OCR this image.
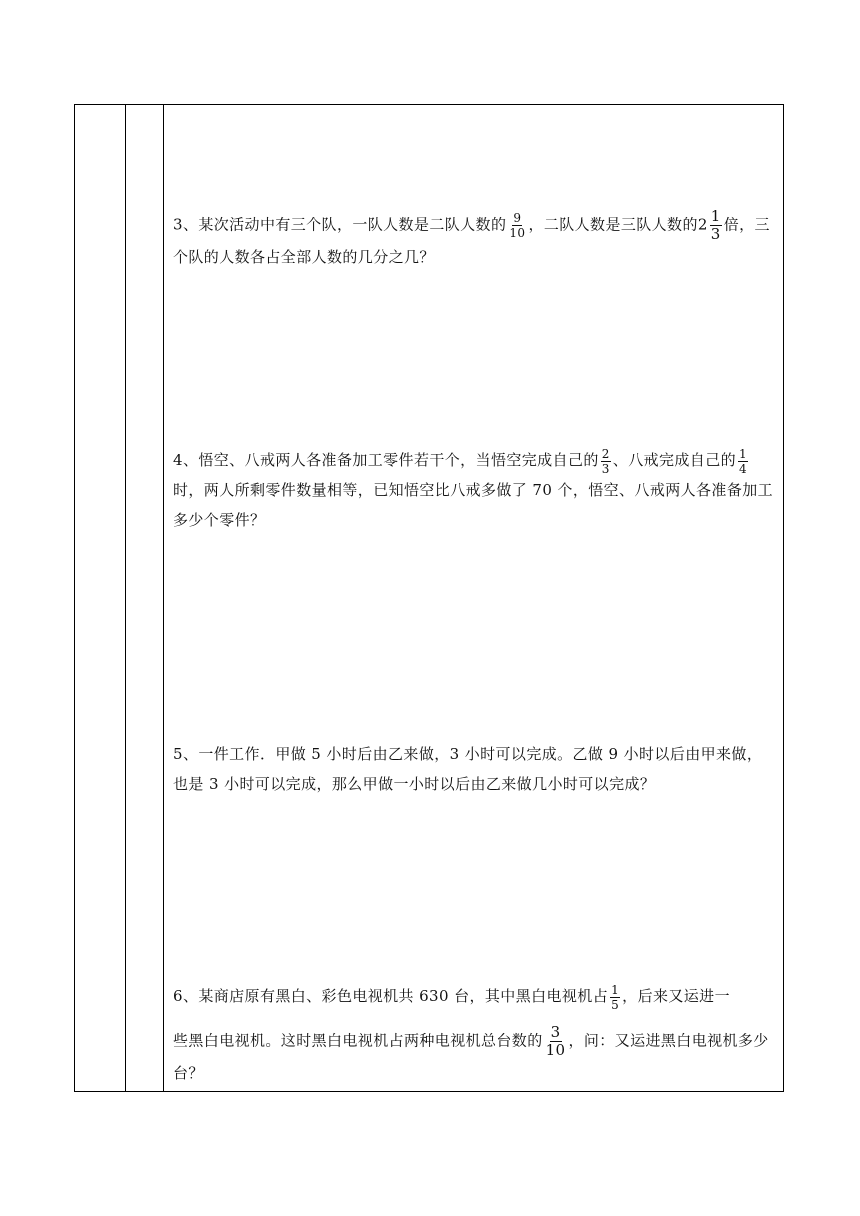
3、某次活动中有三个队，一队人数是二队人数的 $\frac{9}{10}$ ，二队人数是三队人数的$2 \frac{1}{3}$ 倍，三个队的人数各占全部人数的几分之几？

4、悟空、八戒两人各准备加工零件若干个，当悟空完成自己的 $\frac{2}{3}$ 、八戒完成自己的 $\frac{1}{4}$
时，两人所剩零件数量相等，已知悟空比八戒多做了 70 个，悟空、八戒两人各准备加工多少个零件？

5、一件工作．甲做 5 小时后由乙来做，3 小时可以完成。乙做 9 小时以后由甲来做，也是 3 小时可以完成，那么甲做一小时以后由乙来做几小时可以完成？

6、某商店原有黑白、彩色电视机共 630 台，其中黑白电视机占 $\frac{1}{5}$ ，后来又运进一

些黑白电视机。这时黑白电视机占两种电视机总台数的 $\frac{3}{10}$ ，问：又运进黑白电视机多少台？
